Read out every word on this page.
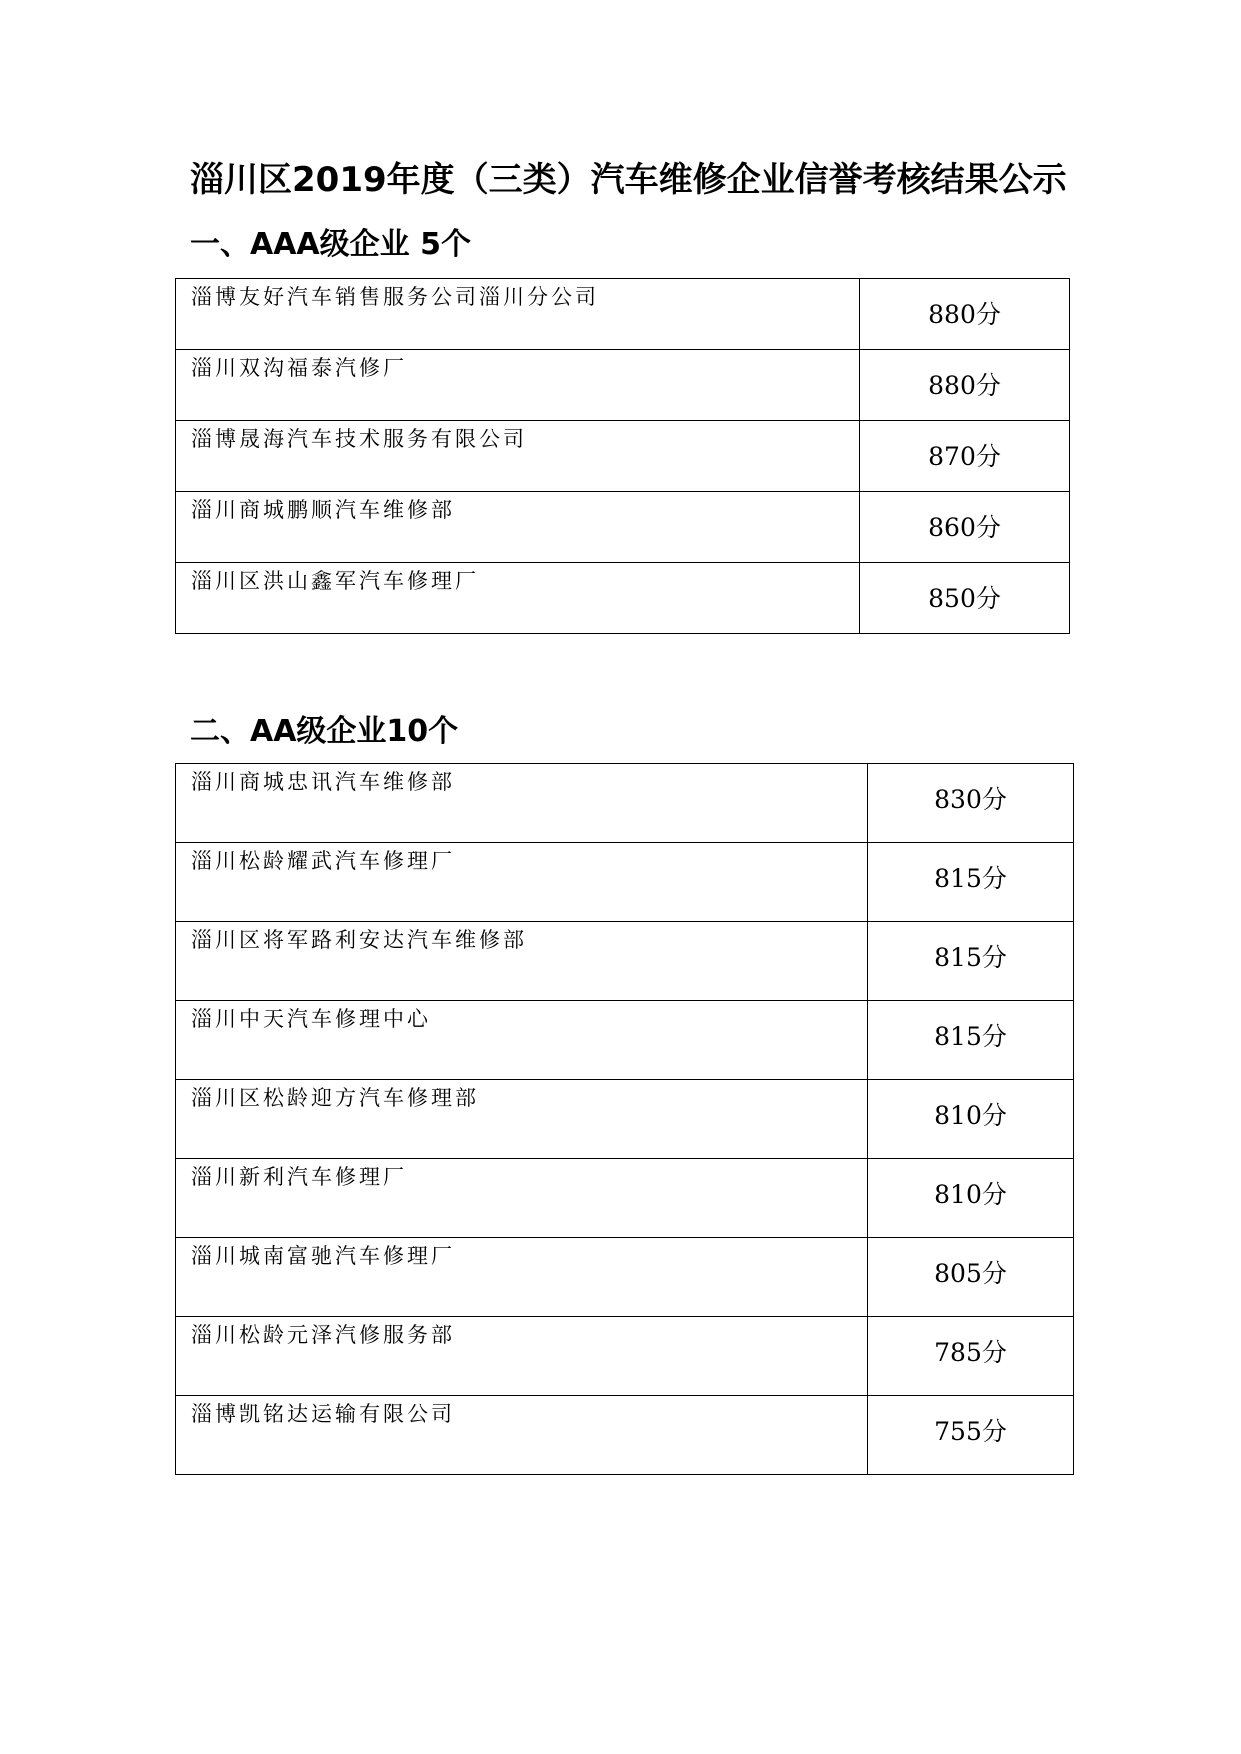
淄川区2019年度（三类）汽车维修企业信誉考核结果公示
一、AAA级企业 5个
淄博友好汽车销售服务公司淄川分公司	880分
淄川双沟福泰汽修厂	880分
淄博晟海汽车技术服务有限公司	870分
淄川商城鹏顺汽车维修部	860分
淄川区洪山鑫军汽车修理厂	850分
二、AA级企业10个
淄川商城忠讯汽车维修部	830分
淄川松龄耀武汽车修理厂	815分
淄川区将军路利安达汽车维修部	815分
淄川中天汽车修理中心	815分
淄川区松龄迎方汽车修理部	810分
淄川新利汽车修理厂	810分
淄川城南富驰汽车修理厂	805分
淄川松龄元泽汽修服务部	785分
淄博凯铭达运输有限公司	755分
